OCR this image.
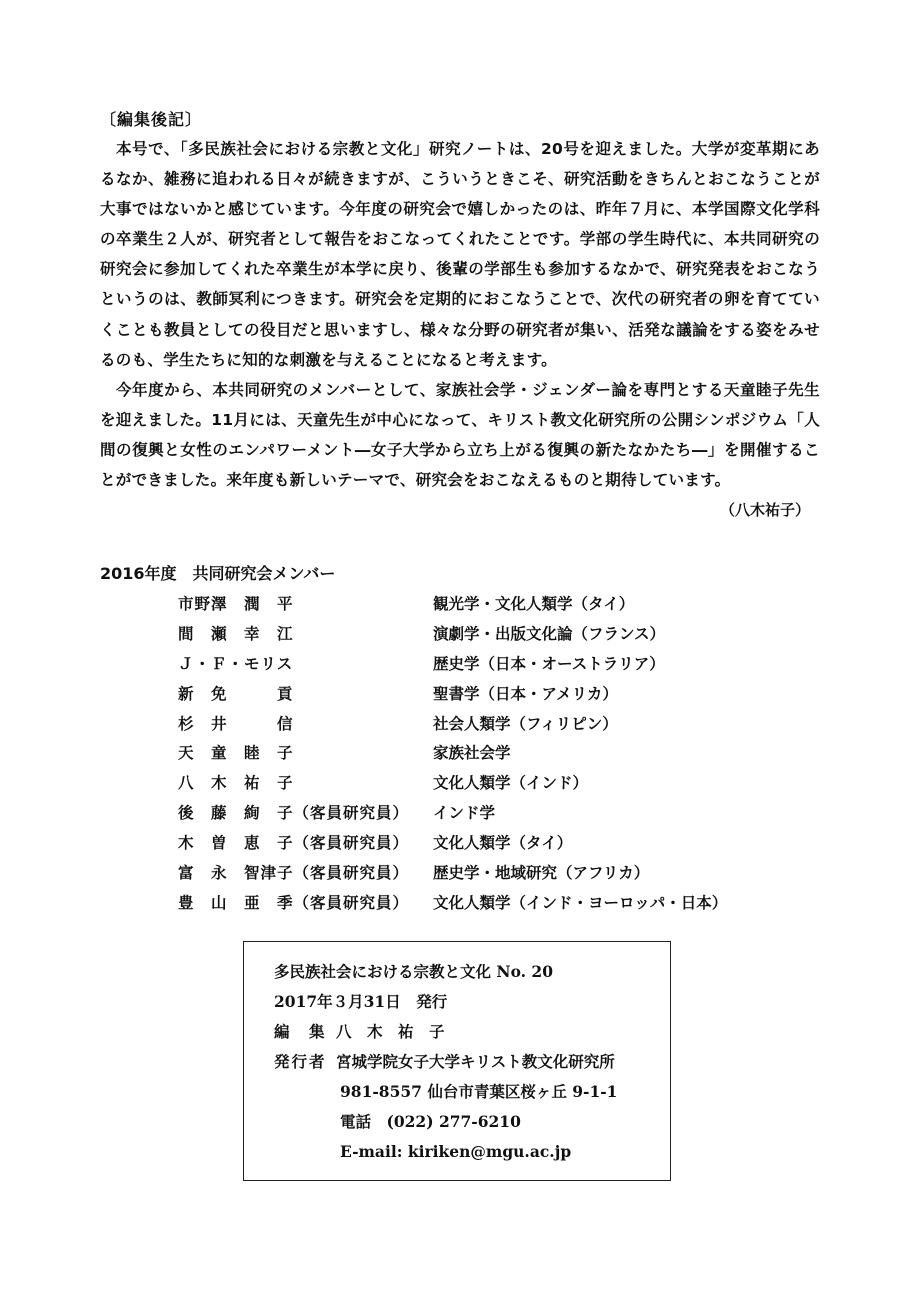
〔編集後記〕

本号で、「多民族社会における宗教と文化」研究ノートは、20号を迎えました。大学が変革期にあるなか、雑務に追われる日々が続きますが、こういうときこそ、研究活動をきちんとおこなうことが大事ではないかと感じています。今年度の研究会で嬉しかったのは、昨年７月に、本学国際文化学科の卒業生２人が、研究者として報告をおこなってくれたことです。学部の学生時代に、本共同研究の研究会に参加してくれた卒業生が本学に戻り、後輩の学部生も参加するなかで、研究発表をおこなうというのは、教師冥利につきます。研究会を定期的におこなうことで、次代の研究者の卵を育てていくことも教員としての役目だと思いますし、様々な分野の研究者が集い、活発な議論をする姿をみせるのも、学生たちに知的な刺激を与えることになると考えます。

今年度から、本共同研究のメンバーとして、家族社会学・ジェンダー論を専門とする天童睦子先生を迎えました。11月には、天童先生が中心になって、キリスト教文化研究所の公開シンポジウム「人間の復興と女性のエンパワーメント―女子大学から立ち上がる復興の新たなかたち―」を開催することができました。来年度も新しいテーマで、研究会をおこなえるものと期待しています。

（八木祐子）
2016年度　共同研究会メンバー
市野澤　潤　平	観光学・文化人類学（タイ）
間　瀬　幸　江	演劇学・出版文化論（フランス）
Ｊ・Ｆ・モリス	歴史学（日本・オーストラリア）
新　免　　　貢	聖書学（日本・アメリカ）
杉　井　　　信	社会人類学（フィリピン）
天　童　睦　子	家族社会学
八　木　祐　子	文化人類学（インド）
後　藤　絢　子（客員研究員）	インド学
木　曽　恵　子（客員研究員）	文化人類学（タイ）
富　永　智津子（客員研究員）	歴史学・地域研究（アフリカ）
豊　山　亜　季（客員研究員）	文化人類学（インド・ヨーロッパ・日本）
多民族社会における宗教と文化 No. 20
2017年３月31日　発行
編　集 八　木　祐　子
発行者 宮城学院女子大学キリスト教文化研究所
981-8557 仙台市青葉区桜ヶ丘 9-1-1
電話　 (022) 277-6210
E-mail: kiriken@mgu.ac.jp
